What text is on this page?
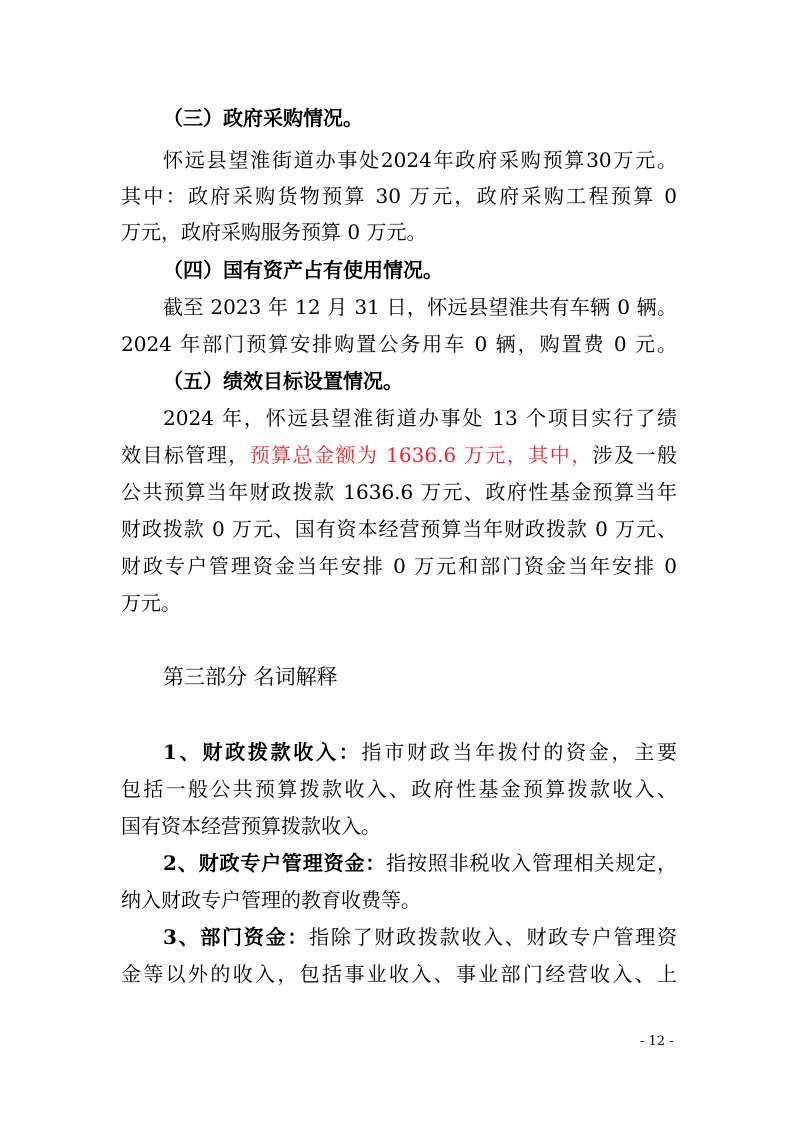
（三）政府采购情况。
怀远县望淮街道办事处2024年政府采购预算30万元。
其中：政府采购货物预算 30 万元，政府采购工程预算 0
万元，政府采购服务预算 0 万元。
（四）国有资产占有使用情况。
截至 2023 年 12 月 31 日，怀远县望淮共有车辆 0 辆。
2024 年部门预算安排购置公务用车 0 辆，购置费 0 元。
（五）绩效目标设置情况。
2024 年，怀远县望淮街道办事处 13 个项目实行了绩
效目标管理，预算总金额为 1636.6 万元，其中，涉及一般
公共预算当年财政拨款 1636.6 万元、政府性基金预算当年
财政拨款 0 万元、国有资本经营预算当年财政拨款 0 万元、
财政专户管理资金当年安排 0 万元和部门资金当年安排 0
万元。
第三部分 名词解释
1、财政拨款收入：指市财政当年拨付的资金，主要
包括一般公共预算拨款收入、政府性基金预算拨款收入、
国有资本经营预算拨款收入。
2、财政专户管理资金：指按照非税收入管理相关规定，
纳入财政专户管理的教育收费等。
3、部门资金：指除了财政拨款收入、财政专户管理资
金等以外的收入，包括事业收入、事业部门经营收入、上
- 12 -
